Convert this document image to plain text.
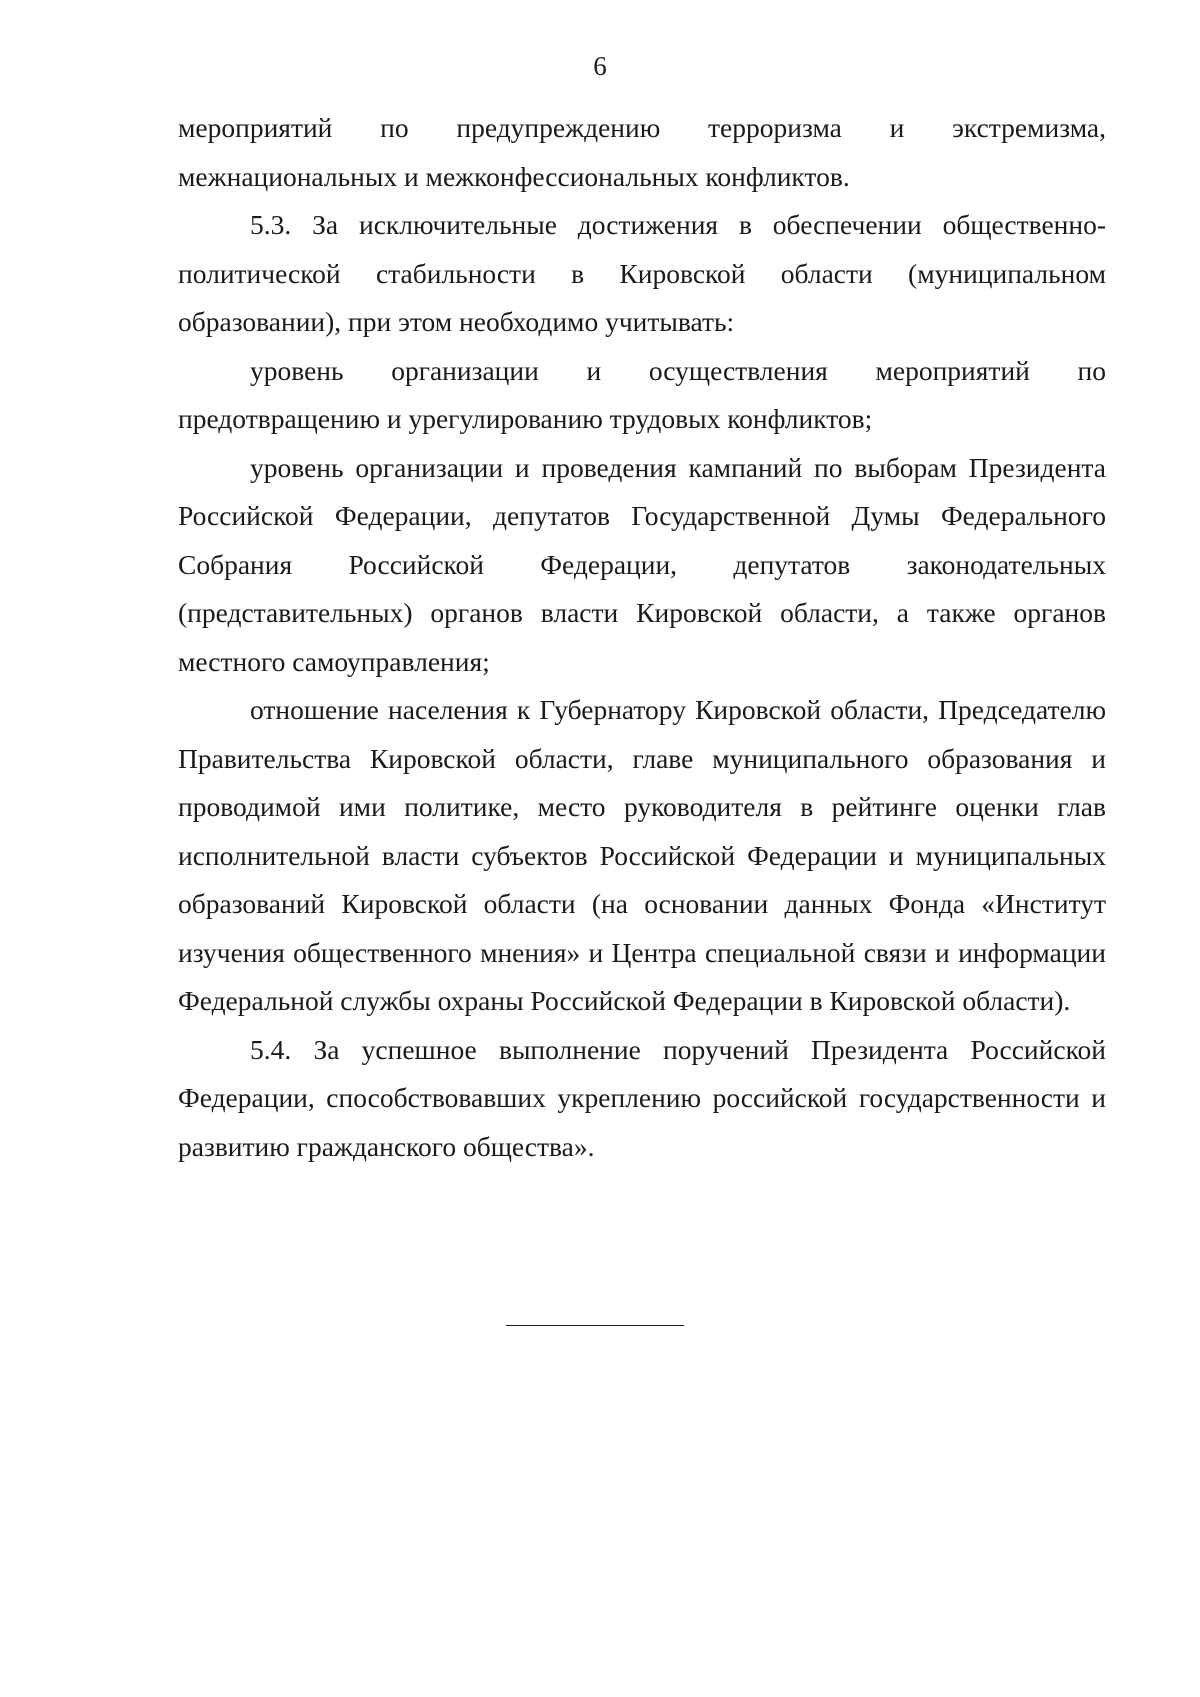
6

мероприятий по предупреждению терроризма и экстремизма, межнациональных и межконфессиональных конфликтов.

5.3. За исключительные достижения в обеспечении общественно-политической стабильности в Кировской области (муниципальном образовании), при этом необходимо учитывать:

уровень организации и осуществления мероприятий по предотвращению и урегулированию трудовых конфликтов;

уровень организации и проведения кампаний по выборам Президента Российской Федерации, депутатов Государственной Думы Федерального Собрания Российской Федерации, депутатов законодательных (представительных) органов власти Кировской области, а также органов местного самоуправления;

отношение населения к Губернатору Кировской области, Председателю Правительства Кировской области, главе муниципального образования и проводимой ими политике, место руководителя в рейтинге оценки глав исполнительной власти субъектов Российской Федерации и муниципальных образований Кировской области (на основании данных Фонда «Институт изучения общественного мнения» и Центра специальной связи и информации Федеральной службы охраны Российской Федерации в Кировской области).

5.4. За успешное выполнение поручений Президента Российской Федерации, способствовавших укреплению российской государственности и развитию гражданского общества».
